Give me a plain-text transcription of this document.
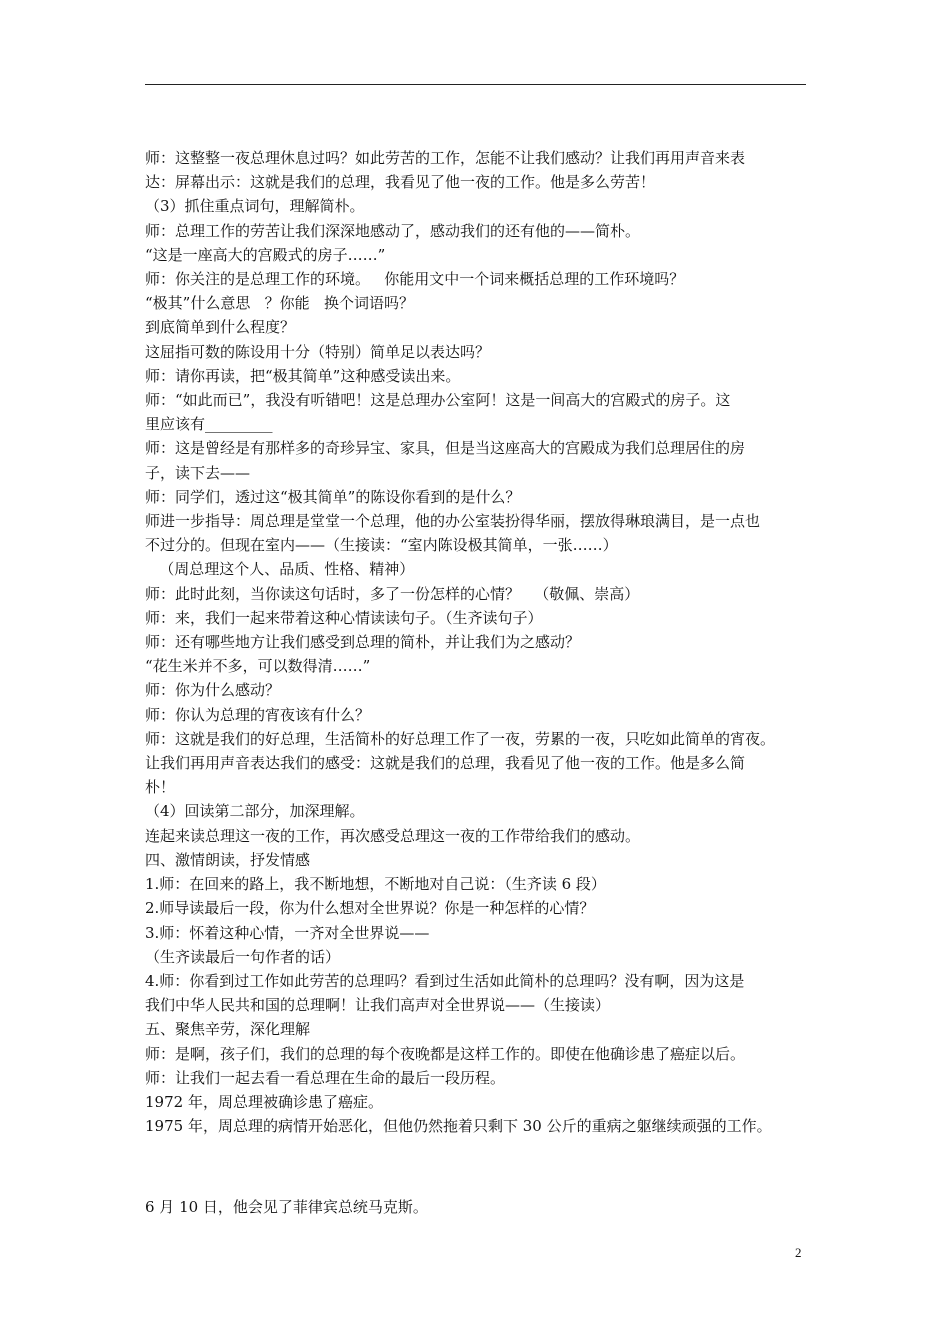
师：这整整一夜总理休息过吗？如此劳苦的工作，怎能不让我们感动？让我们再用声音来表

达：屏幕出示：这就是我们的总理，我看见了他一夜的工作。他是多么劳苦！

（3）抓住重点词句，理解简朴。

师：总理工作的劳苦让我们深深地感动了，感动我们的还有他的——简朴。

“这是一座高大的宫殿式的房子……”

师：你关注的是总理工作的环境。   你能用文中一个词来概括总理的工作环境吗？

“极其”什么意思   ？你能   换个词语吗？

到底简单到什么程度？

这屈指可数的陈设用十分（特别）简单足以表达吗？

师：请你再读，把“极其简单”这种感受读出来。

师：“如此而已”，我没有听错吧！这是总理办公室阿！这是一间高大的宫殿式的房子。这

里应该有_________

师：这是曾经是有那样多的奇珍异宝、家具，但是当这座高大的宫殿成为我们总理居住的房

子，读下去——

师：同学们，透过这“极其简单”的陈设你看到的是什么？

师进一步指导：周总理是堂堂一个总理，他的办公室装扮得华丽，摆放得琳琅满目，是一点也

不过分的。但现在室内——（生接读：“室内陈设极其简单，一张……）

（周总理这个人、品质、性格、精神）

师：此时此刻，当你读这句话时，多了一份怎样的心情？   （敬佩、崇高）

师：来，我们一起来带着这种心情读读句子。（生齐读句子）

师：还有哪些地方让我们感受到总理的简朴，并让我们为之感动？

“花生米并不多，可以数得清……”

师：你为什么感动？

师：你认为总理的宵夜该有什么？

师：这就是我们的好总理，生活简朴的好总理工作了一夜，劳累的一夜，只吃如此简单的宵夜。

让我们再用声音表达我们的感受：这就是我们的总理，我看见了他一夜的工作。他是多么简

朴！

（4）回读第二部分，加深理解。

连起来读总理这一夜的工作，再次感受总理这一夜的工作带给我们的感动。

四、激情朗读，抒发情感

1.师：在回来的路上，我不断地想，不断地对自己说：（生齐读 6 段）

2.师导读最后一段，你为什么想对全世界说？你是一种怎样的心情？

3.师：怀着这种心情，一齐对全世界说——

（生齐读最后一句作者的话）

4.师：你看到过工作如此劳苦的总理吗？看到过生活如此简朴的总理吗？没有啊，因为这是

我们中华人民共和国的总理啊！让我们高声对全世界说——（生接读）

五、聚焦辛劳，深化理解

师：是啊，孩子们，我们的总理的每个夜晚都是这样工作的。即使在他确诊患了癌症以后。

师：让我们一起去看一看总理在生命的最后一段历程。

1972 年，周总理被确诊患了癌症。

1975 年，周总理的病情开始恶化，但他仍然拖着只剩下 30 公斤的重病之躯继续顽强的工作。

6 月 10 日，他会见了菲律宾总统马克斯。

2
